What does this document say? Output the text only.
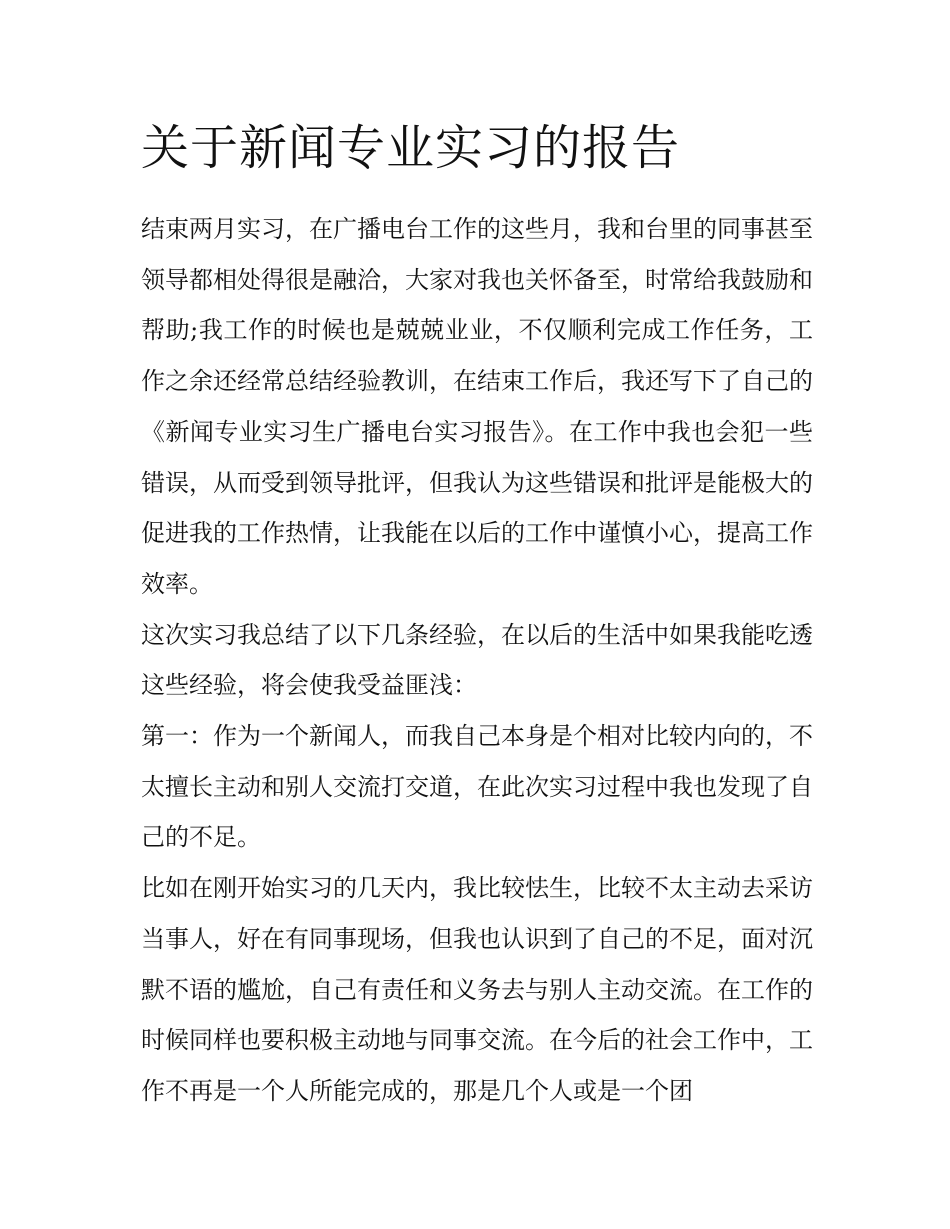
关于新闻专业实习的报告

结束两月实习，在广播电台工作的这些月，我和台里的同事甚至领导都相处得很是融洽，大家对我也关怀备至，时常给我鼓励和帮助;我工作的时候也是兢兢业业，不仅顺利完成工作任务，工作之余还经常总结经验教训，在结束工作后，我还写下了自己的《新闻专业实习生广播电台实习报告》。在工作中我也会犯一些错误，从而受到领导批评，但我认为这些错误和批评是能极大的促进我的工作热情，让我能在以后的工作中谨慎小心，提高工作效率。

这次实习我总结了以下几条经验，在以后的生活中如果我能吃透这些经验，将会使我受益匪浅：

第一：作为一个新闻人，而我自己本身是个相对比较内向的，不太擅长主动和别人交流打交道，在此次实习过程中我也发现了自己的不足。

比如在刚开始实习的几天内，我比较怯生，比较不太主动去采访当事人，好在有同事现场，但我也认识到了自己的不足，面对沉默不语的尴尬，自己有责任和义务去与别人主动交流。在工作的时候同样也要积极主动地与同事交流。在今后的社会工作中，工作不再是一个人所能完成的，那是几个人或是一个团
